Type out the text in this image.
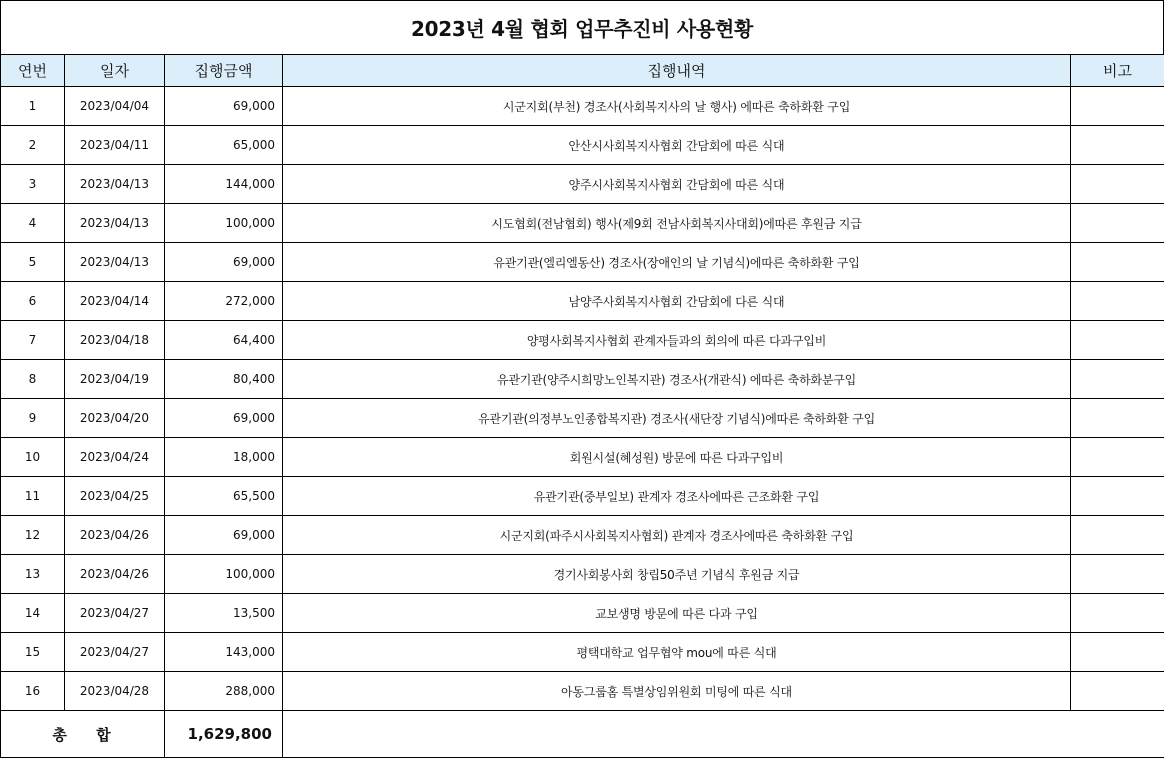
2023년 4월 협회 업무추진비 사용현황
연번	일자	집행금액	집행내역	비고
1	2023/04/04	69,000	시군지회(부천) 경조사(사회복지사의 날 행사) 에따른 축하화환 구입	
2	2023/04/11	65,000	안산시사회복지사협회 간담회에 따른 식대	
3	2023/04/13	144,000	양주시사회복지사협회 간담회에 따른 식대	
4	2023/04/13	100,000	시도협회(전남협회) 행사(제9회 전남사회복지사대회)에따른 후원금 지급	
5	2023/04/13	69,000	유관기관(엘리엘동산) 경조사(장애인의 날 기념식)에따른 축하화환 구입	
6	2023/04/14	272,000	남양주사회복지사협회 간담회에 다른 식대	
7	2023/04/18	64,400	양평사회복지사협회 관계자들과의 회의에 따른 다과구입비	
8	2023/04/19	80,400	유관기관(양주시희망노인복지관) 경조사(개관식) 에따른 축하화분구입	
9	2023/04/20	69,000	유관기관(의정부노인종합복지관) 경조사(새단장 기념식)에따른 축하화환 구입	
10	2023/04/24	18,000	회원시설(혜성원) 방문에 따른 다과구입비	
11	2023/04/25	65,500	유관기관(중부일보) 관계자 경조사에따른 근조화환 구입	
12	2023/04/26	69,000	시군지회(파주시사회복지사협회) 관계자 경조사에따른 축하화환 구입	
13	2023/04/26	100,000	경기사회봉사회 창립50주년 기념식 후원금 지급	
14	2023/04/27	13,500	교보생명 방문에 따른 다과 구입	
15	2023/04/27	143,000	평택대학교 업무협약 mou에 따른 식대	
16	2023/04/28	288,000	아동그룹홈 특별상임위원회 미팅에 따른 식대	
총 합		1,629,800		
